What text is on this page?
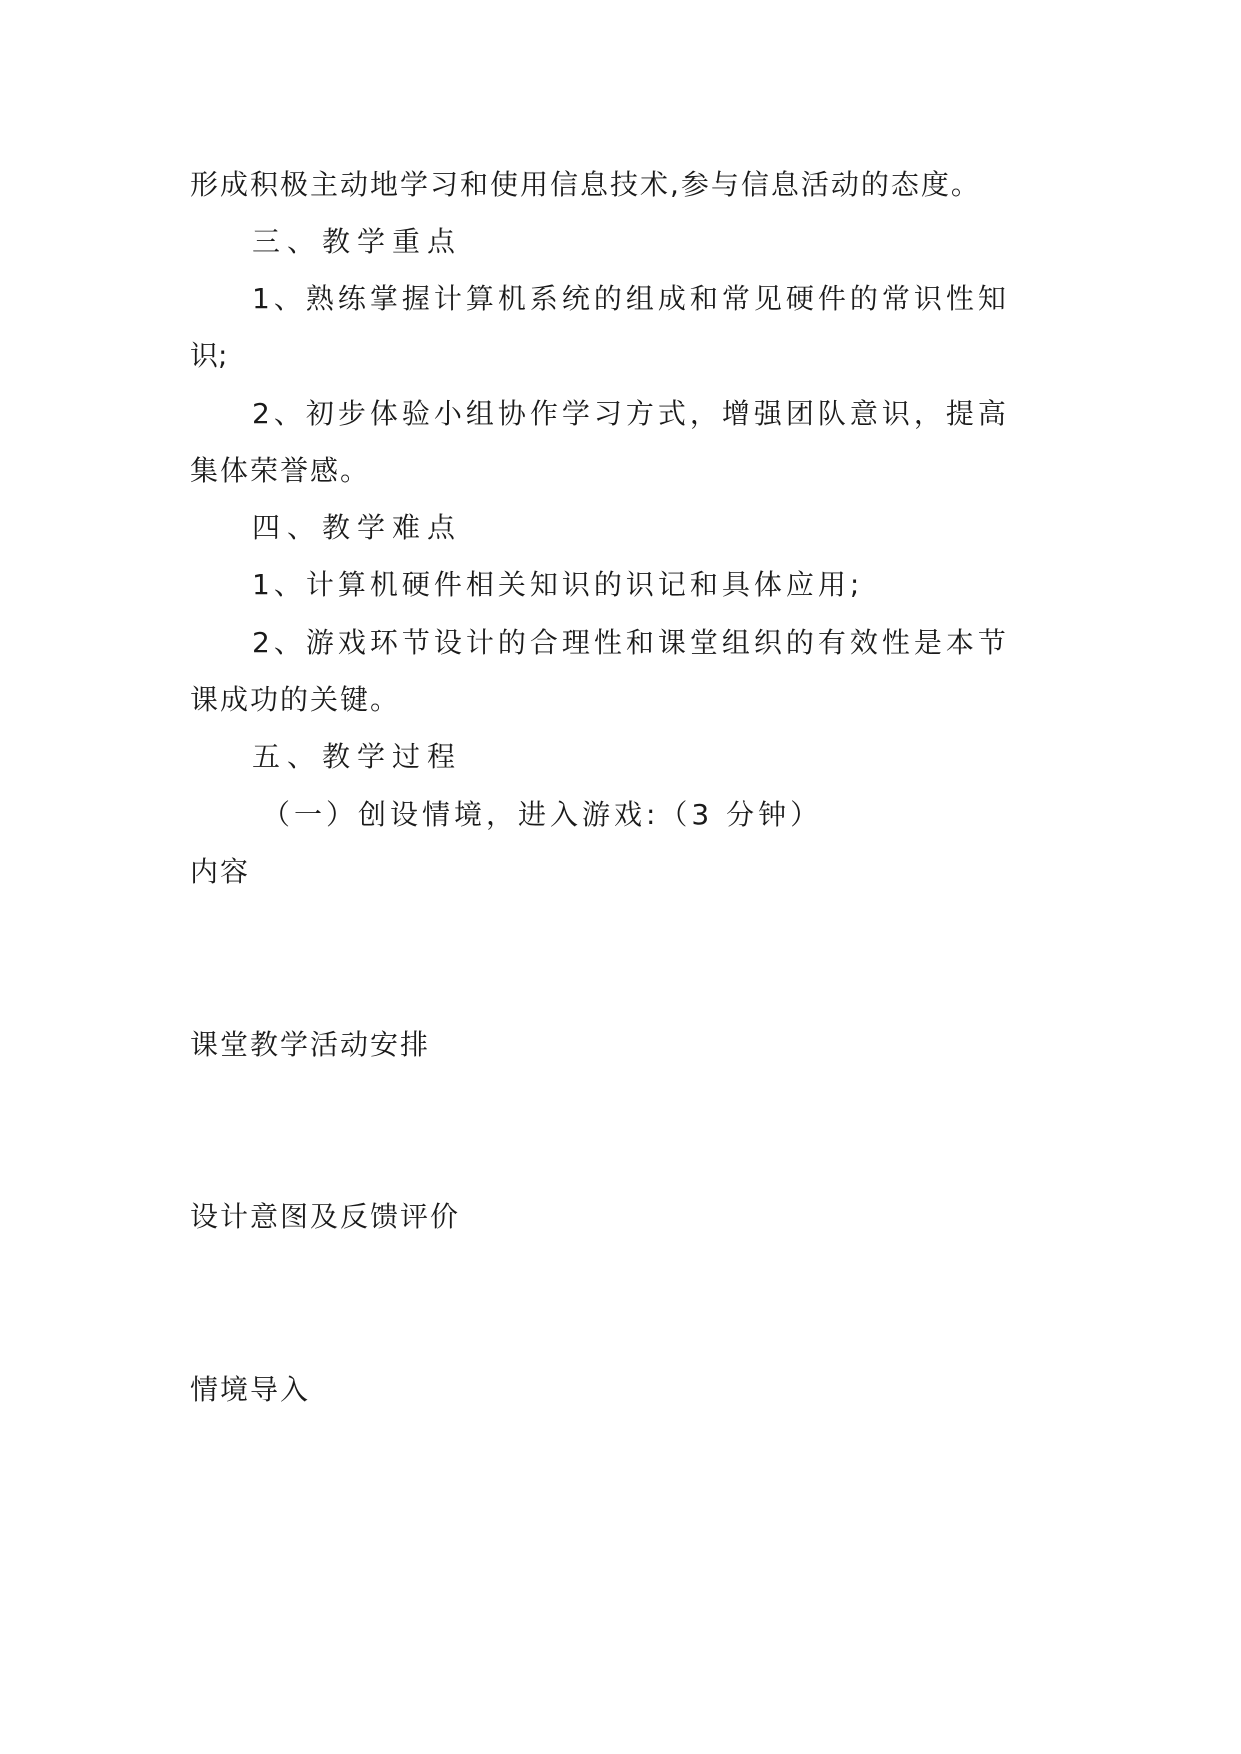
形成积极主动地学习和使用信息技术,参与信息活动的态度。
三、教学重点
1、熟练掌握计算机系统的组成和常见硬件的常识性知
识;
2、初步体验小组协作学习方式，增强团队意识，提高
集体荣誉感。
四、教学难点
1、计算机硬件相关知识的识记和具体应用;
2、游戏环节设计的合理性和课堂组织的有效性是本节
课成功的关键。
五、教学过程
（一）创设情境，进入游戏:（3 分钟）
内容
课堂教学活动安排
设计意图及反馈评价
情境导入
